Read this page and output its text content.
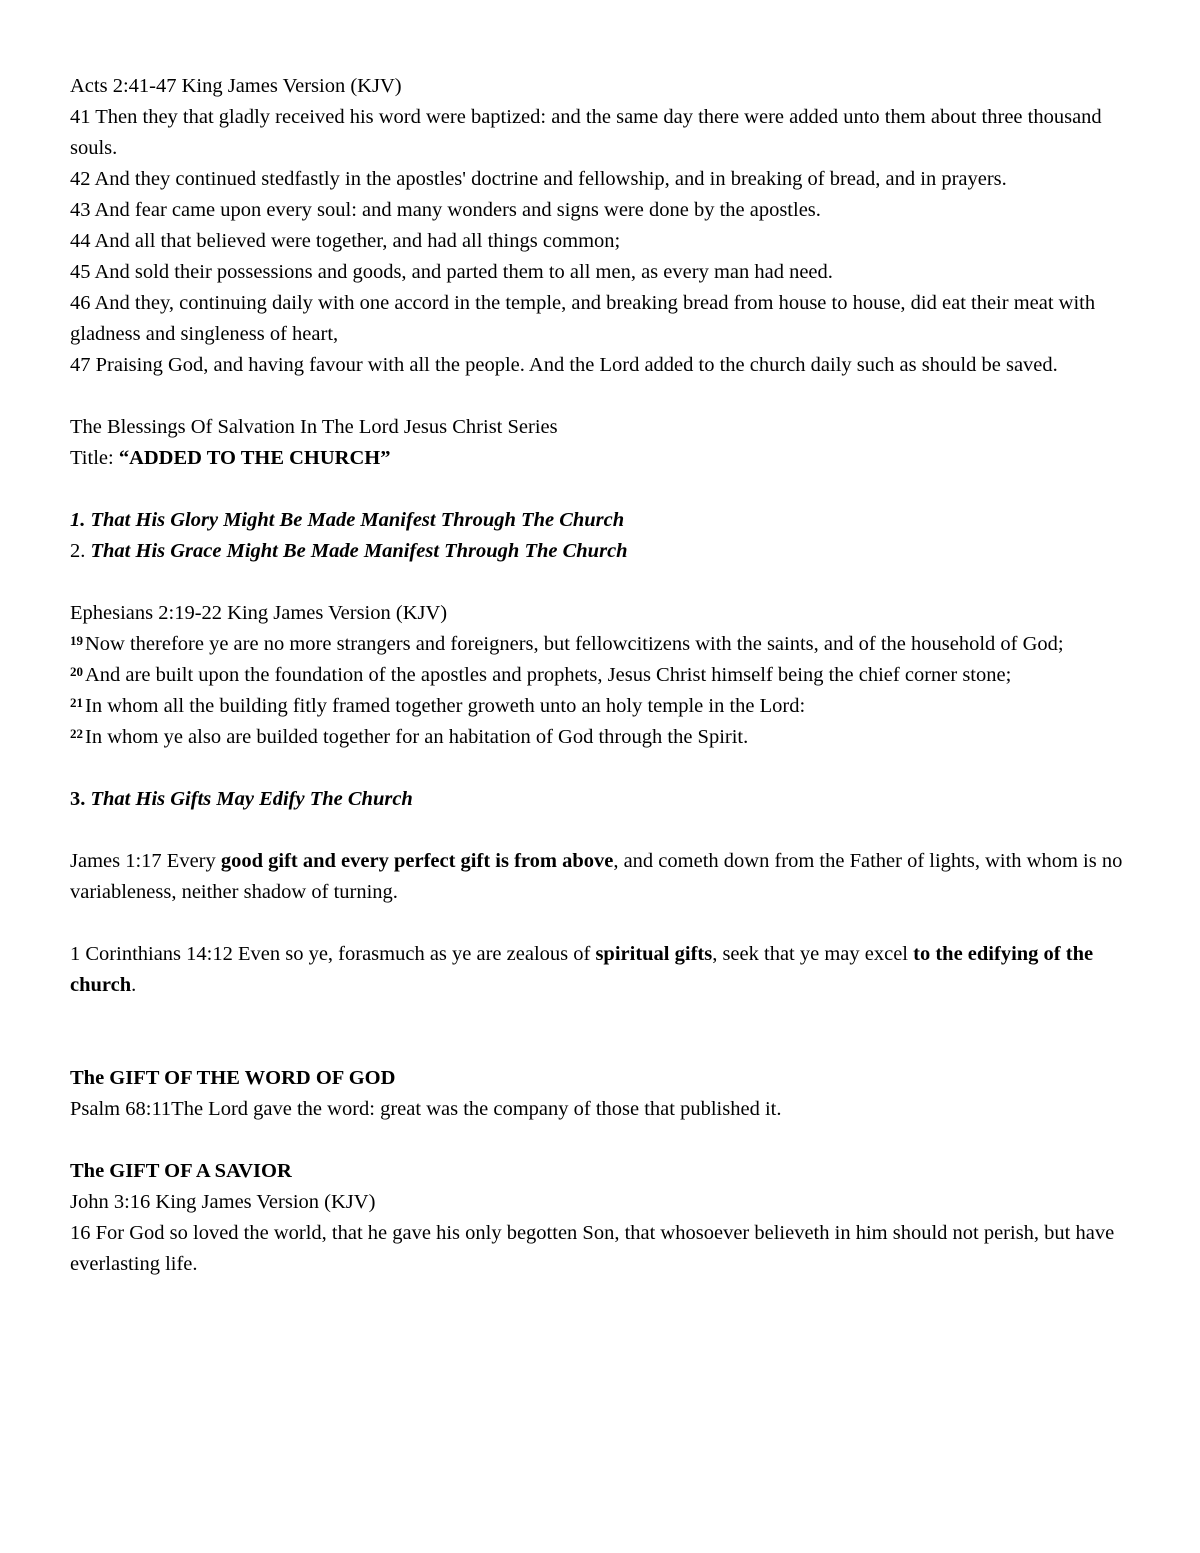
Acts 2:41-47 King James Version (KJV)
41 Then they that gladly received his word were baptized: and the same day there were added unto them about three thousand souls.
42 And they continued stedfastly in the apostles' doctrine and fellowship, and in breaking of bread, and in prayers.
43 And fear came upon every soul: and many wonders and signs were done by the apostles.
44 And all that believed were together, and had all things common;
45 And sold their possessions and goods, and parted them to all men, as every man had need.
46 And they, continuing daily with one accord in the temple, and breaking bread from house to house, did eat their meat with gladness and singleness of heart,
47 Praising God, and having favour with all the people. And the Lord added to the church daily such as should be saved.
The Blessings Of Salvation In The Lord Jesus Christ Series
Title: “ADDED TO THE CHURCH”
1. That His Glory Might Be Made Manifest Through The Church
2. That His Grace Might Be Made Manifest Through The Church
Ephesians 2:19-22 King James Version (KJV)
$^{19}$Now therefore ye are no more strangers and foreigners, but fellowcitizens with the saints, and of the household of God;
$^{20}$And are built upon the foundation of the apostles and prophets, Jesus Christ himself being the chief corner stone;
$^{21}$In whom all the building fitly framed together groweth unto an holy temple in the Lord:
$^{22}$In whom ye also are builded together for an habitation of God through the Spirit.
3. That His Gifts May Edify The Church
James 1:17 Every good gift and every perfect gift is from above, and cometh down from the Father of lights, with whom is no variableness, neither shadow of turning.
1 Corinthians 14:12 Even so ye, forasmuch as ye are zealous of spiritual gifts, seek that ye may excel to the edifying of the church.
The GIFT OF THE WORD OF GOD
Psalm 68:11The Lord gave the word: great was the company of those that published it.
The GIFT OF A SAVIOR
John 3:16 King James Version (KJV)
16 For God so loved the world, that he gave his only begotten Son, that whosoever believeth in him should not perish, but have everlasting life.
